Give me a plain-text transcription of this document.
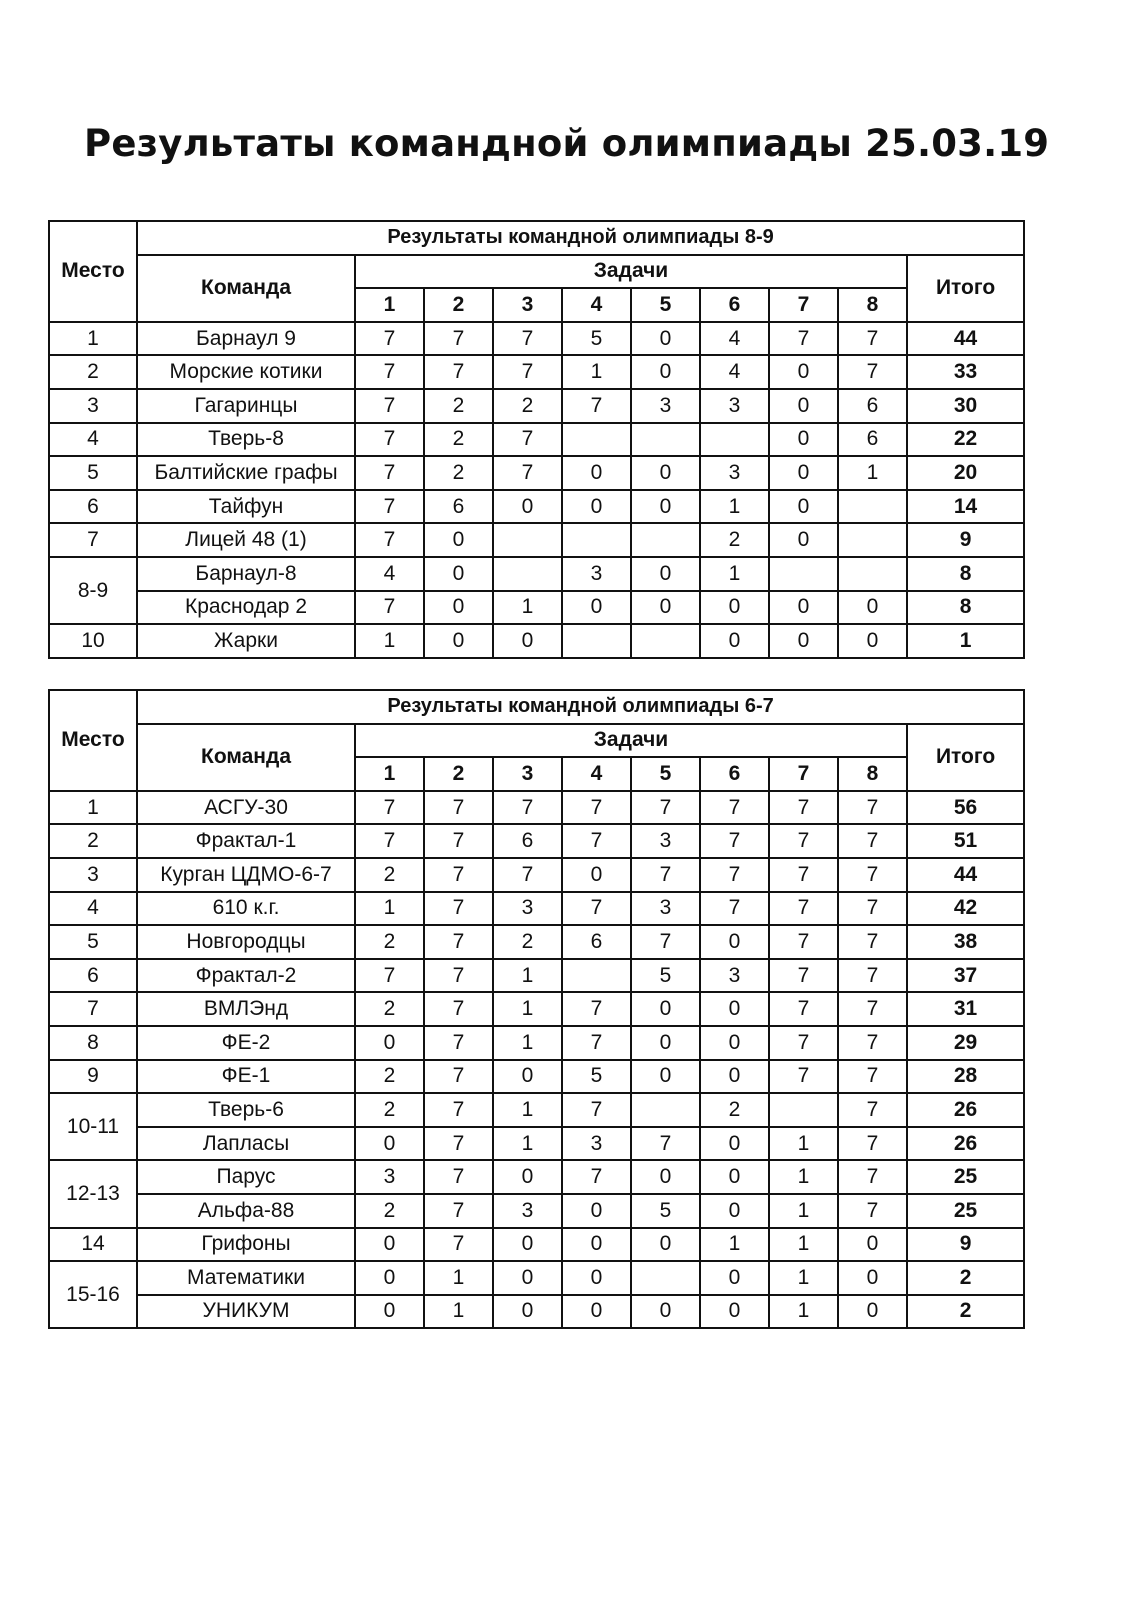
Результаты командной олимпиады 25.03.19
Место	Результаты командной олимпиады 8-9									
	Команда	Задачи								Итого
		1	2	3	4	5	6	7	8	
1	Барнаул 9	7	7	7	5	0	4	7	7	44
2	Морские котики	7	7	7	1	0	4	0	7	33
3	Гагаринцы	7	2	2	7	3	3	0	6	30
4	Тверь-8	7	2	7				0	6	22
5	Балтийские графы	7	2	7	0	0	3	0	1	20
6	Тайфун	7	6	0	0	0	1	0		14
7	Лицей 48 (1)	7	0				2	0		9
8-9	Барнаул-8	4	0		3	0	1			8
	Краснодар 2	7	0	1	0	0	0	0	0	8
10	Жарки	1	0	0			0	0	0	1
Место	Результаты командной олимпиады 6-7									
	Команда	Задачи								Итого
		1	2	3	4	5	6	7	8	
1	АСГУ-30	7	7	7	7	7	7	7	7	56
2	Фрактал-1	7	7	6	7	3	7	7	7	51
3	Курган ЦДМО-6-7	2	7	7	0	7	7	7	7	44
4	610 к.г.	1	7	3	7	3	7	7	7	42
5	Новгородцы	2	7	2	6	7	0	7	7	38
6	Фрактал-2	7	7	1		5	3	7	7	37
7	ВМЛЭнд	2	7	1	7	0	0	7	7	31
8	ФЕ-2	0	7	1	7	0	0	7	7	29
9	ФЕ-1	2	7	0	5	0	0	7	7	28
10-11	Тверь-6	2	7	1	7		2		7	26
	Лапласы	0	7	1	3	7	0	1	7	26
12-13	Парус	3	7	0	7	0	0	1	7	25
	Альфа-88	2	7	3	0	5	0	1	7	25
14	Грифоны	0	7	0	0	0	1	1	0	9
15-16	Математики	0	1	0	0		0	1	0	2
	УНИКУМ	0	1	0	0	0	0	1	0	2
